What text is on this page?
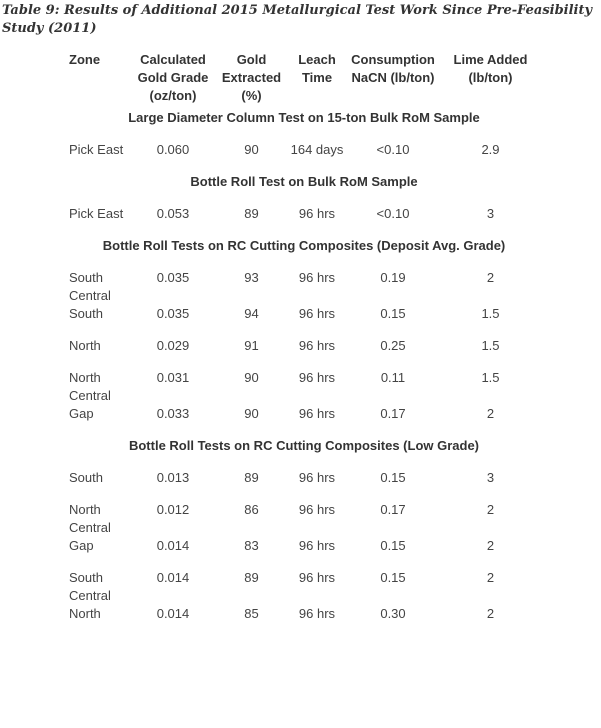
Table 9: Results of Additional 2015 Metallurgical Test Work Since Pre-Feasibility Study (2011)
Zone	Calculated Gold Grade (oz/ton)	Gold Extracted (%)	Leach Time	Consumption NaCN (lb/ton)	Lime Added (lb/ton)
Large Diameter Column Test on 15-ton Bulk RoM Sample					
Pick East	0.060	90	164 days	<0.10	2.9
Bottle Roll Test on Bulk RoM Sample					
Pick East	0.053	89	96 hrs	<0.10	3
Bottle Roll Tests on RC Cutting Composites (Deposit Avg. Grade)					
South Central	0.035	93	96 hrs	0.19	2
South	0.035	94	96 hrs	0.15	1.5
North	0.029	91	96 hrs	0.25	1.5
North Central	0.031	90	96 hrs	0.11	1.5
Gap	0.033	90	96 hrs	0.17	2
Bottle Roll Tests on RC Cutting Composites (Low Grade)					
South	0.013	89	96 hrs	0.15	3
North Central	0.012	86	96 hrs	0.17	2
Gap	0.014	83	96 hrs	0.15	2
South Central	0.014	89	96 hrs	0.15	2
North	0.014	85	96 hrs	0.30	2
